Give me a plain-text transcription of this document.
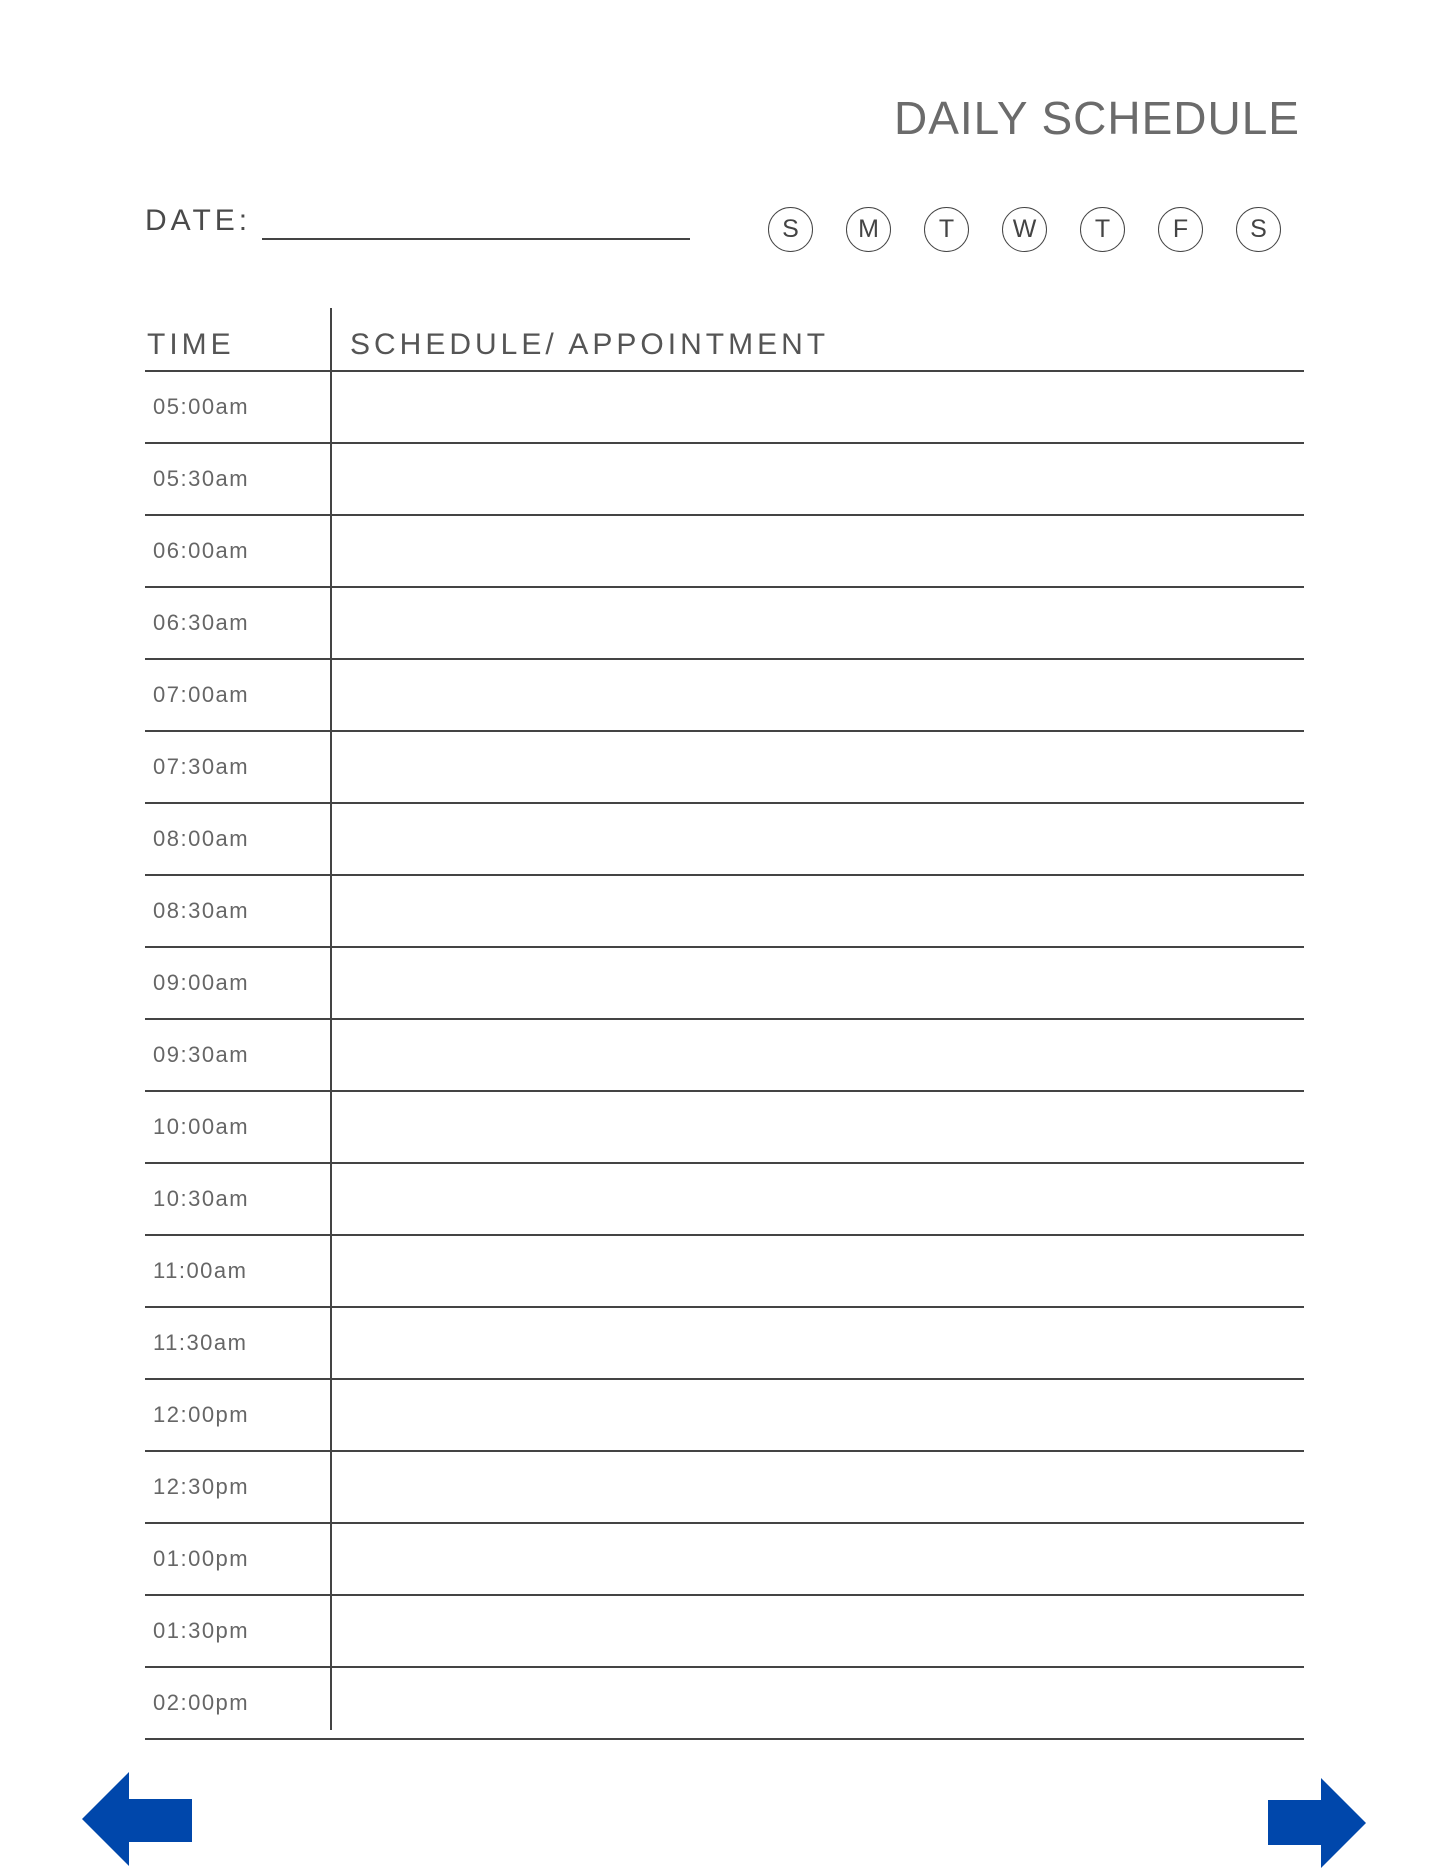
DAILY SCHEDULE
DATE:	S	M	T	W	T	F	S
TIME	SCHEDULE/ APPOINTMENT
05:00am
05:30am
06:00am
06:30am
07:00am
07:30am
08:00am
08:30am
09:00am
09:30am
10:00am
10:30am
11:00am
11:30am
12:00pm
12:30pm
01:00pm
01:30pm
02:00pm
